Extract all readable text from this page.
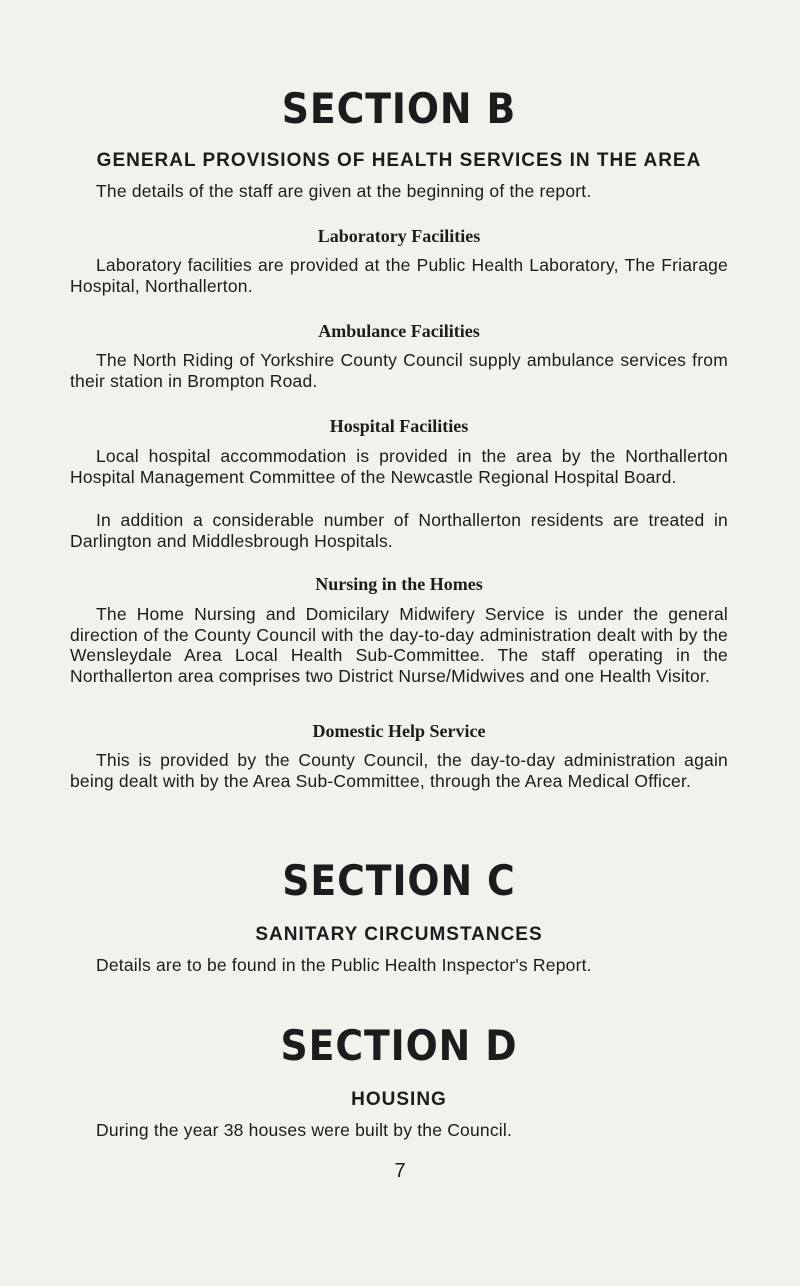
SECTION B
GENERAL PROVISIONS OF HEALTH SERVICES IN THE AREA

The details of the staff are given at the beginning of the report.

Laboratory Facilities

Laboratory facilities are provided at the Public Health Laboratory, The Friarage Hospital, Northallerton.

Ambulance Facilities

The North Riding of Yorkshire County Council supply ambulance services from their station in Brompton Road.

Hospital Facilities

Local hospital accommodation is provided in the area by the Northallerton Hospital Management Committee of the Newcastle Regional Hospital Board.

In addition a considerable number of Northallerton residents are treated in Darlington and Middlesbrough Hospitals.

Nursing in the Homes

The Home Nursing and Domicilary Midwifery Service is under the general direction of the County Council with the day-to-day administration dealt with by the Wensleydale Area Local Health Sub-Committee. The staff operating in the Northallerton area comprises two District Nurse/Midwives and one Health Visitor.

Domestic Help Service

This is provided by the County Council, the day-to-day administration again being dealt with by the Area Sub-Committee, through the Area Medical Officer.

SECTION C
SANITARY CIRCUMSTANCES

Details are to be found in the Public Health Inspector's Report.

SECTION D
HOUSING

During the year 38 houses were built by the Council.

7
